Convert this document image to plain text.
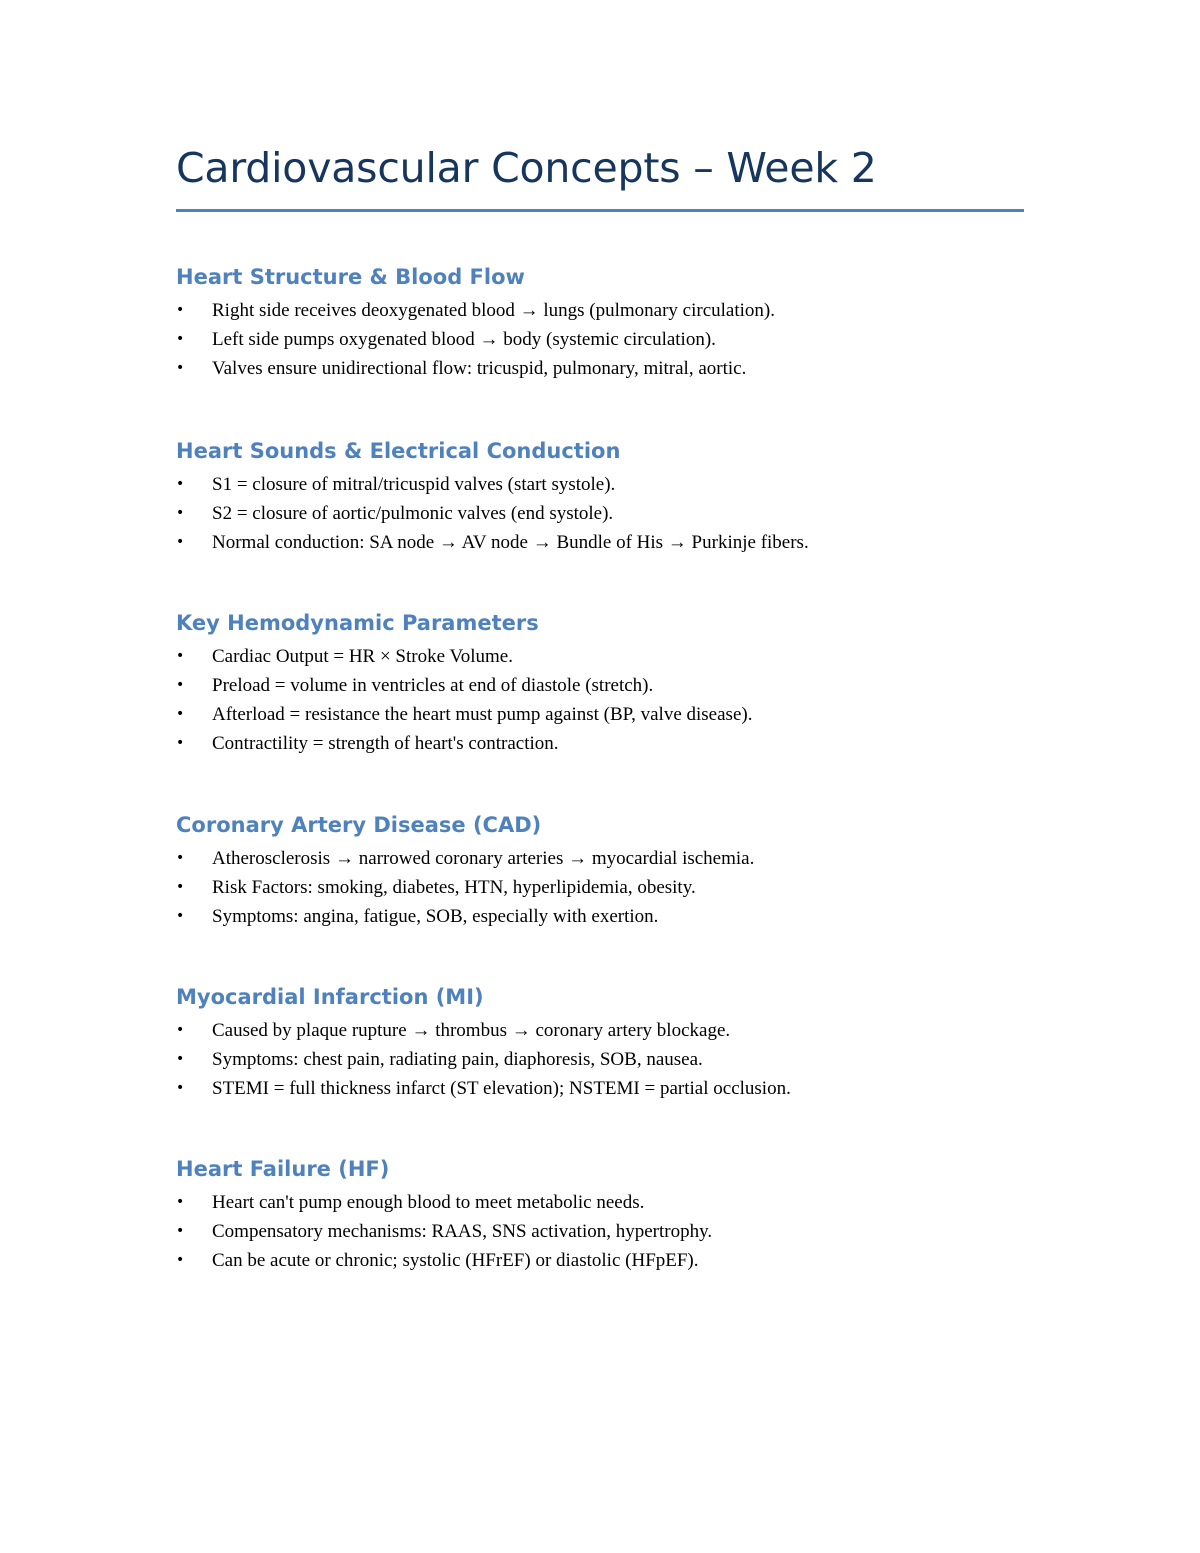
Cardiovascular Concepts – Week 2
Heart Structure & Blood Flow
• Right side receives deoxygenated blood → lungs (pulmonary circulation).
• Left side pumps oxygenated blood → body (systemic circulation).
• Valves ensure unidirectional flow: tricuspid, pulmonary, mitral, aortic.
Heart Sounds & Electrical Conduction
• S1 = closure of mitral/tricuspid valves (start systole).
• S2 = closure of aortic/pulmonic valves (end systole).
• Normal conduction: SA node → AV node → Bundle of His → Purkinje fibers.
Key Hemodynamic Parameters
• Cardiac Output = HR × Stroke Volume.
• Preload = volume in ventricles at end of diastole (stretch).
• Afterload = resistance the heart must pump against (BP, valve disease).
• Contractility = strength of heart's contraction.
Coronary Artery Disease (CAD)
• Atherosclerosis → narrowed coronary arteries → myocardial ischemia.
• Risk Factors: smoking, diabetes, HTN, hyperlipidemia, obesity.
• Symptoms: angina, fatigue, SOB, especially with exertion.
Myocardial Infarction (MI)
• Caused by plaque rupture → thrombus → coronary artery blockage.
• Symptoms: chest pain, radiating pain, diaphoresis, SOB, nausea.
• STEMI = full thickness infarct (ST elevation); NSTEMI = partial occlusion.
Heart Failure (HF)
• Heart can't pump enough blood to meet metabolic needs.
• Compensatory mechanisms: RAAS, SNS activation, hypertrophy.
• Can be acute or chronic; systolic (HFrEF) or diastolic (HFpEF).
